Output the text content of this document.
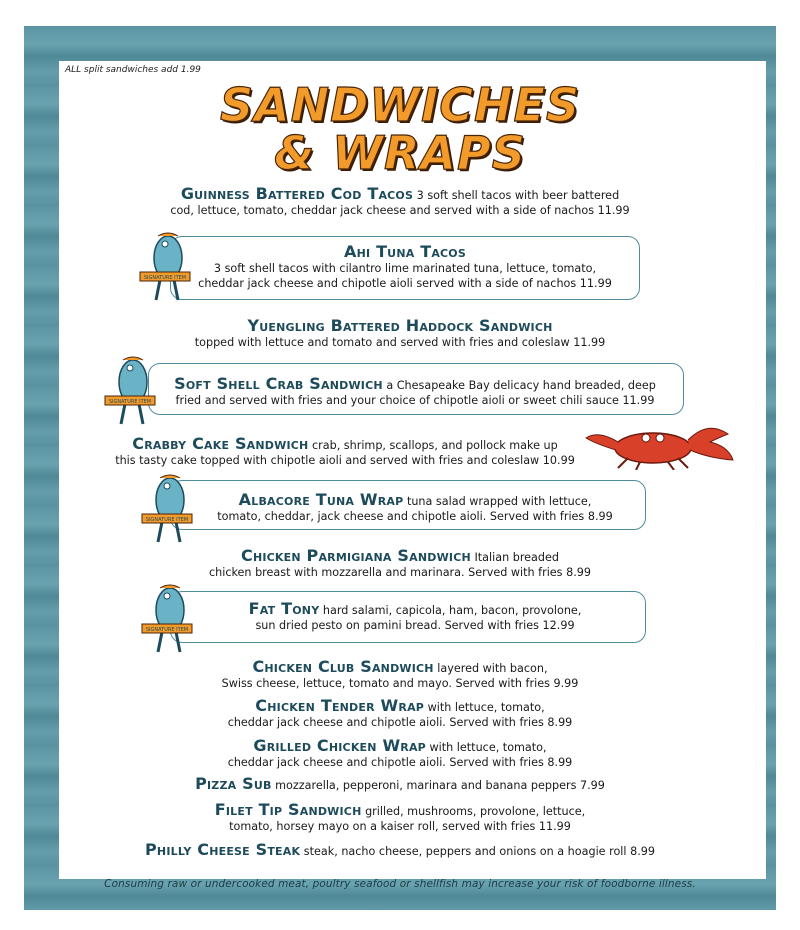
ALL split sandwiches add 1.99
SANDWICHES
& WRAPS
SIGNATURE ITEM
SIGNATURE ITEM
SIGNATURE ITEM
SIGNATURE ITEM
Guinness Battered Cod Tacos 3 soft shell tacos with beer battered
cod, lettuce, tomato, cheddar jack cheese and served with a side of nachos 11.99
Ahi Tuna Tacos
3 soft shell tacos with cilantro lime marinated tuna, lettuce, tomato,
cheddar jack cheese and chipotle aioli served with a side of nachos 11.99
Yuengling Battered Haddock Sandwich
topped with lettuce and tomato and served with fries and coleslaw 11.99
Soft Shell Crab Sandwich a Chesapeake Bay delicacy hand breaded, deep
fried and served with fries and your choice of chipotle aioli or sweet chili sauce 11.99
Crabby Cake Sandwich crab, shrimp, scallops, and pollock make up
this tasty cake topped with chipotle aioli and served with fries and coleslaw 10.99
Albacore Tuna Wrap tuna salad wrapped with lettuce,
tomato, cheddar, jack cheese and chipotle aioli. Served with fries 8.99
Chicken Parmigiana Sandwich Italian breaded
chicken breast with mozzarella and marinara. Served with fries 8.99
Fat Tony hard salami, capicola, ham, bacon, provolone,
sun dried pesto on pamini bread. Served with fries 12.99
Chicken Club Sandwich layered with bacon,
Swiss cheese, lettuce, tomato and mayo. Served with fries 9.99
Chicken Tender Wrap with lettuce, tomato,
cheddar jack cheese and chipotle aioli. Served with fries 8.99
Grilled Chicken Wrap with lettuce, tomato,
cheddar jack cheese and chipotle aioli. Served with fries 8.99
Pizza Sub mozzarella, pepperoni, marinara and banana peppers 7.99
Filet Tip Sandwich grilled, mushrooms, provolone, lettuce,
tomato, horsey mayo on a kaiser roll, served with fries 11.99
Philly Cheese Steak steak, nacho cheese, peppers and onions on a hoagie roll 8.99
Consuming raw or undercooked meat, poultry seafood or shellfish may increase your risk of foodborne illness.
